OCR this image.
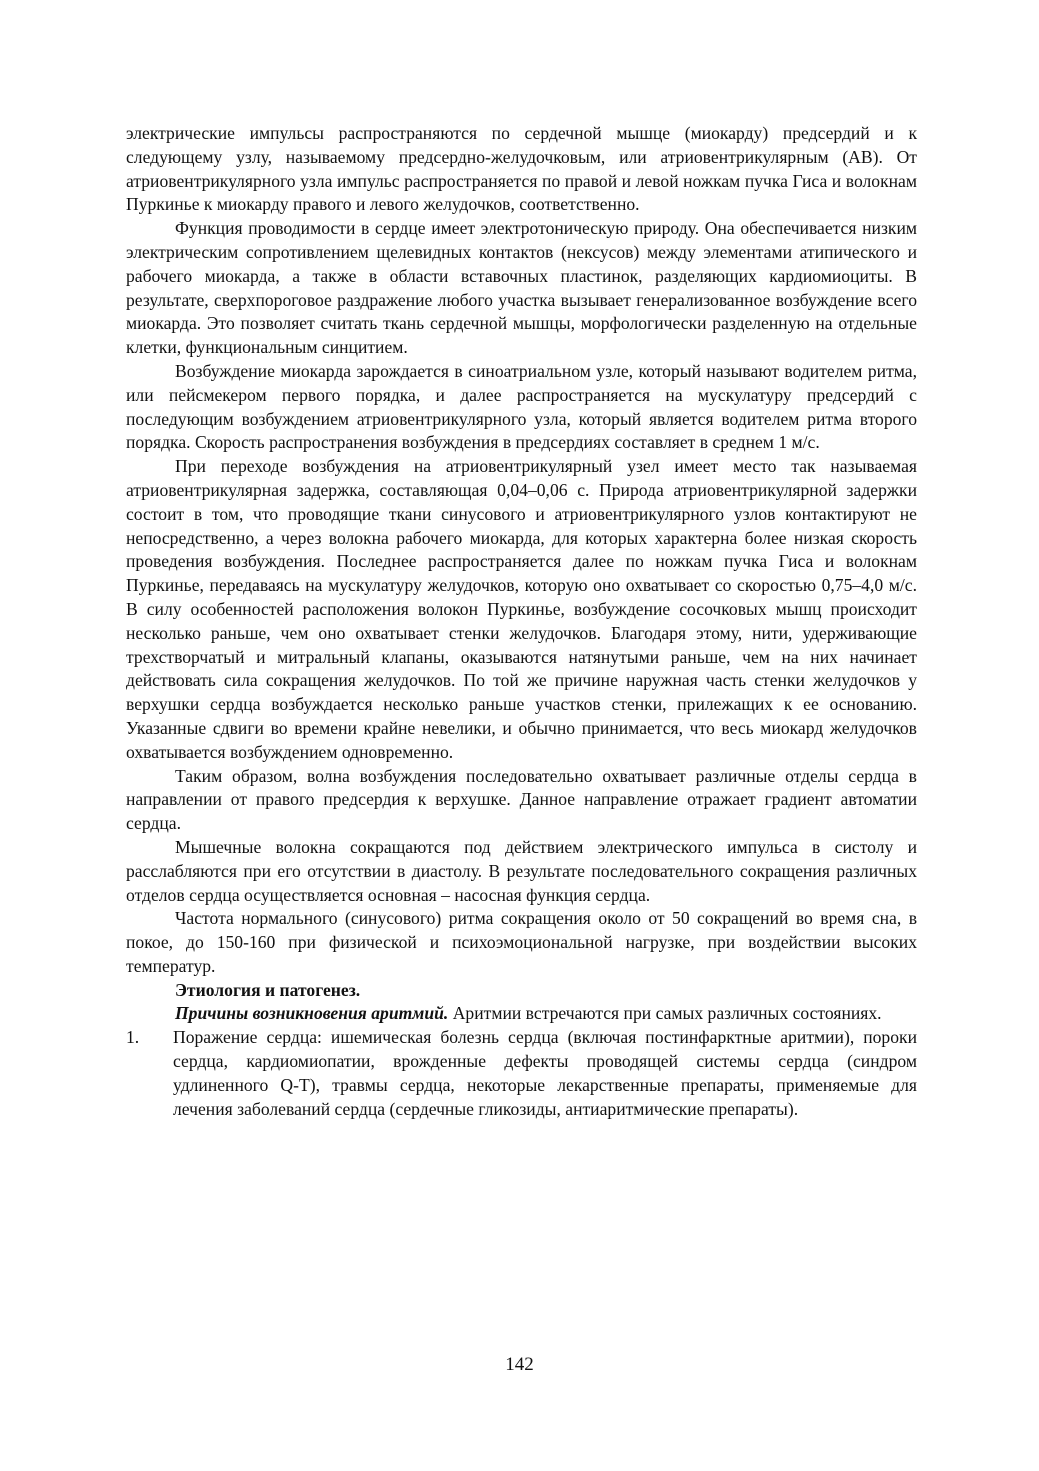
электрические импульсы распространяются по сердечной мышце (миокарду) предсердий и к следующему узлу, называемому предсердно-желудочковым, или атриовентрикулярным (АВ). От атриовентрикулярного узла импульс распространяется по правой и левой ножкам пучка Гиса и волокнам Пуркинье к миокарду правого и левого желудочков, соответственно.

Функция проводимости в сердце имеет электротоническую природу. Она обеспечивается низким электрическим сопротивлением щелевидных контактов (нексусов) между элементами атипического и рабочего миокарда, а также в области вставочных пластинок, разделяющих кардиомиоциты. В результате, сверхпороговое раздражение любого участка вызывает генерализованное возбуждение всего миокарда. Это позволяет считать ткань сердечной мышцы, морфологически разделенную на отдельные клетки, функциональным синцитием.

Возбуждение миокарда зарождается в синоатриальном узле, который называют водителем ритма, или пейсмекером первого порядка, и далее распространяется на мускулатуру предсердий с последующим возбуждением атриовентрикулярного узла, который является водителем ритма второго порядка. Скорость распространения возбуждения в предсердиях составляет в среднем 1 м/с.

При переходе возбуждения на атриовентрикулярный узел имеет место так называемая атриовентрикулярная задержка, составляющая 0,04–0,06 с. Природа атриовентрикулярной задержки состоит в том, что проводящие ткани синусового и атриовентрикулярного узлов контактируют не непосредственно, а через волокна рабочего миокарда, для которых характерна более низкая скорость проведения возбуждения. Последнее распространяется далее по ножкам пучка Гиса и волокнам Пуркинье, передаваясь на мускулатуру желудочков, которую оно охватывает со скоростью 0,75–4,0 м/с. В силу особенностей расположения волокон Пуркинье, возбуждение сосочковых мышц происходит несколько раньше, чем оно охватывает стенки желудочков. Благодаря этому, нити, удерживающие трехстворчатый и митральный клапаны, оказываются натянутыми раньше, чем на них начинает действовать сила сокращения желудочков. По той же причине наружная часть стенки желудочков у верхушки сердца возбуждается несколько раньше участков стенки, прилежащих к ее основанию. Указанные сдвиги во времени крайне невелики, и обычно принимается, что весь миокард желудочков охватывается возбуждением одновременно.

Таким образом, волна возбуждения последовательно охватывает различные отделы сердца в направлении от правого предсердия к верхушке. Данное направление отражает градиент автоматии сердца.

Мышечные волокна сокращаются под действием электрического импульса в систолу и расслабляются при его отсутствии в диастолу. В результате последовательного сокращения различных отделов сердца осуществляется основная – насосная функция сердца.

Частота нормального (синусового) ритма сокращения около от 50 сокращений во время сна, в покое, до 150-160 при физической и психоэмоциональной нагрузке, при воздействии высоких температур.

Этиология и патогенез.

Причины возникновения аритмий. Аритмии встречаются при самых различных состояниях.

1. Поражение сердца: ишемическая болезнь сердца (включая постинфарктные аритмии), пороки сердца, кардиомиопатии, врожденные дефекты проводящей системы сердца (синдром удлиненного Q-T), травмы сердца, некоторые лекарственные препараты, применяемые для лечения заболеваний сердца (сердечные гликозиды, антиаритмические препараты).

142
